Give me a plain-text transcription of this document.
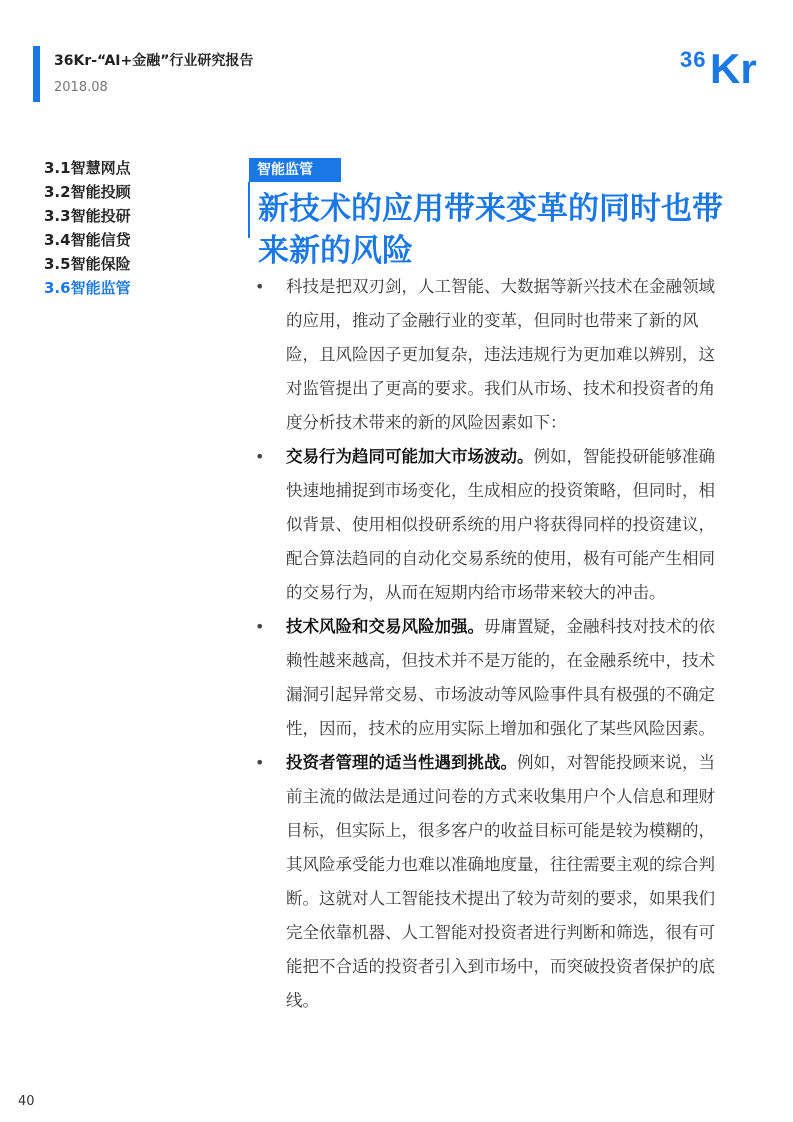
36Kr-“AI+金融”行业研究报告
2018.08
36 Kr
3.1智慧网点
3.2智能投顾
3.3智能投研
3.4智能信贷
3.5智能保险
3.6智能监管
智能监管
新技术的应用带来变革的同时也带来新的风险
• 科技是把双刃剑，人工智能、大数据等新兴技术在金融领域的应用，推动了金融行业的变革，但同时也带来了新的风险，且风险因子更加复杂，违法违规行为更加难以辨别，这对监管提出了更高的要求。我们从市场、技术和投资者的角度分析技术带来的新的风险因素如下：
• 交易行为趋同可能加大市场波动。例如，智能投研能够准确快速地捕捉到市场变化，生成相应的投资策略，但同时，相似背景、使用相似投研系统的用户将获得同样的投资建议，配合算法趋同的自动化交易系统的使用，极有可能产生相同的交易行为，从而在短期内给市场带来较大的冲击。
• 技术风险和交易风险加强。毋庸置疑，金融科技对技术的依赖性越来越高，但技术并不是万能的，在金融系统中，技术漏洞引起异常交易、市场波动等风险事件具有极强的不确定性，因而，技术的应用实际上增加和强化了某些风险因素。
• 投资者管理的适当性遇到挑战。例如，对智能投顾来说，当前主流的做法是通过问卷的方式来收集用户个人信息和理财目标，但实际上，很多客户的收益目标可能是较为模糊的，其风险承受能力也难以准确地度量，往往需要主观的综合判断。这就对人工智能技术提出了较为苛刻的要求，如果我们完全依靠机器、人工智能对投资者进行判断和筛选，很有可能把不合适的投资者引入到市场中，而突破投资者保护的底线。
40
